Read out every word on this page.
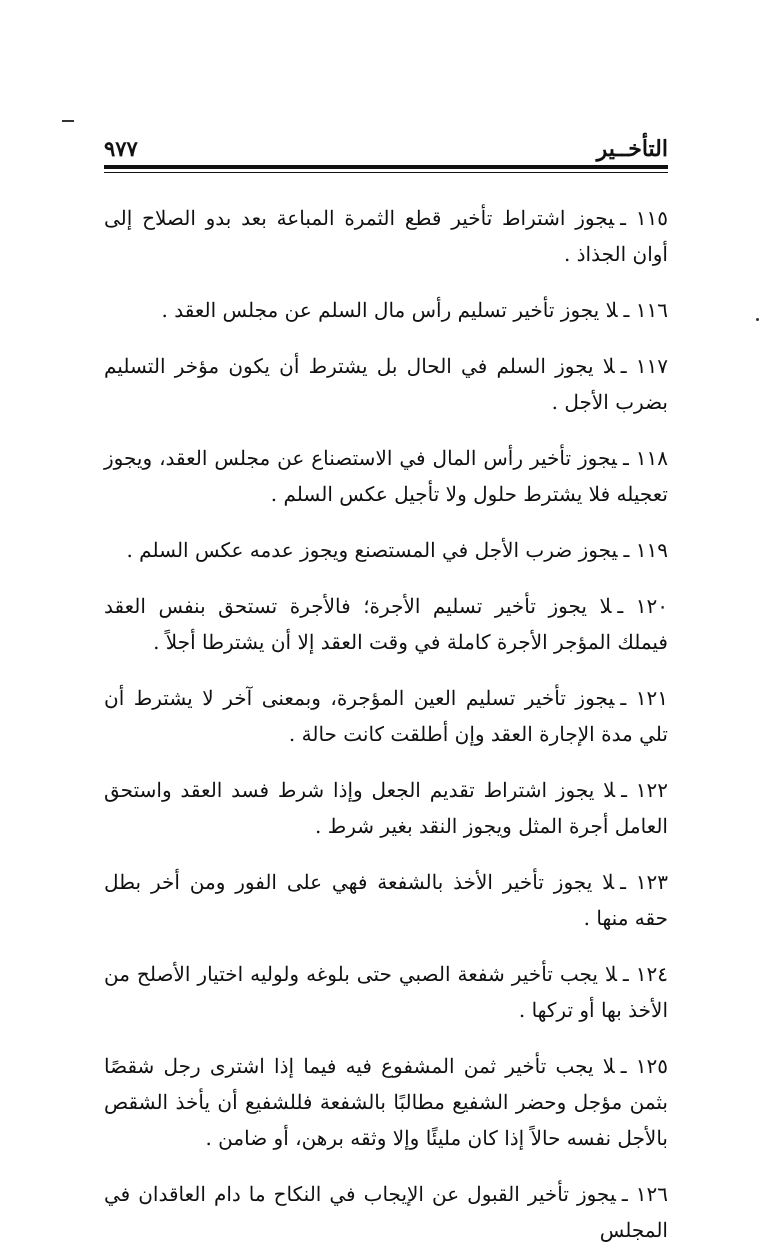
التأخــير
٩٧٧

١١٥ ـيجوز اشتراط تأخير قطع الثمرة المباعة بعد بدو الصلاح إلى أوان الجذاذ .

١١٦ ـلا يجوز تأخير تسليم رأس مال السلم عن مجلس العقد .

١١٧ ـلا يجوز السلم في الحال بل يشترط أن يكون مؤخر التسليم بضرب الأجل .

١١٨ ـيجوز تأخير رأس المال في الاستصناع عن مجلس العقد، ويجوز تعجيله فلا يشترط حلول ولا تأجيل عكس السلم .

١١٩ ـيجوز ضرب الأجل في المستصنع ويجوز عدمه عكس السلم .

١٢٠ ـلا يجوز تأخير تسليم الأجرة؛ فالأجرة تستحق بنفس العقد فيملك المؤجر الأجرة كاملة في وقت العقد إلا أن يشترطا أجلاً .

١٢١ ـيجوز تأخير تسليم العين المؤجرة، وبمعنى آخر لا يشترط أن تلي مدة الإجارة العقد وإن أطلقت كانت حالة .

١٢٢ ـلا يجوز اشتراط تقديم الجعل وإذا شرط فسد العقد واستحق العامل أجرة المثل ويجوز النقد بغير شرط .

١٢٣ ـلا يجوز تأخير الأخذ بالشفعة فهي على الفور ومن أخر بطل حقه منها .

١٢٤ ـلا يجب تأخير شفعة الصبي حتى بلوغه ولوليه اختيار الأصلح من الأخذ بها أو تركها .

١٢٥ ـلا يجب تأخير ثمن المشفوع فيه فيما إذا اشترى رجل شقصًا بثمن مؤجل وحضر الشفيع مطالبًا بالشفعة فللشفيع أن يأخذ الشقص بالأجل نفسه حالاً إذا كان مليئًا وإلا وثقه برهن، أو ضامن .

١٢٦ ـيجوز تأخير القبول عن الإيجاب في النكاح ما دام العاقدان في المجلس
